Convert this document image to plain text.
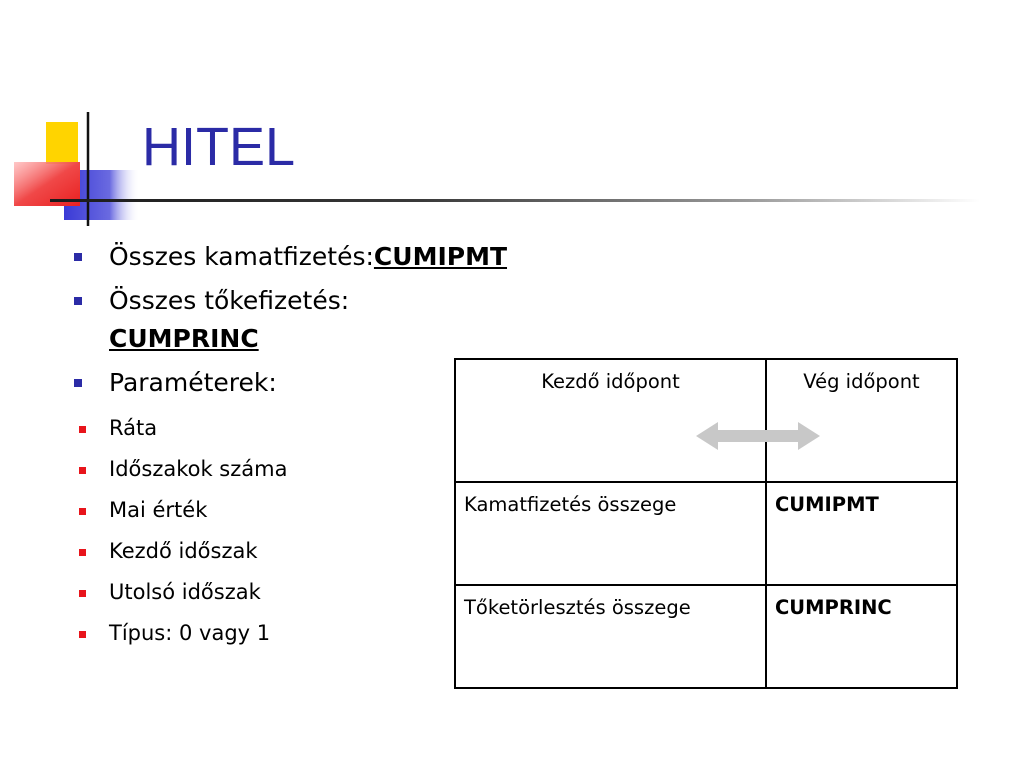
HITEL
Összes kamatfizetés:CUMIPMT
Összes tőkefizetés: CUMPRINC
Paraméterek:
Ráta
Időszakok száma
Mai érték
Kezdő időszak
Utolsó időszak
Típus: 0 vagy 1
Kezdő időpont	Vég időpont
Kamatfizetés összege	CUMIPMT
Tőketörlesztés összege	CUMPRINC
